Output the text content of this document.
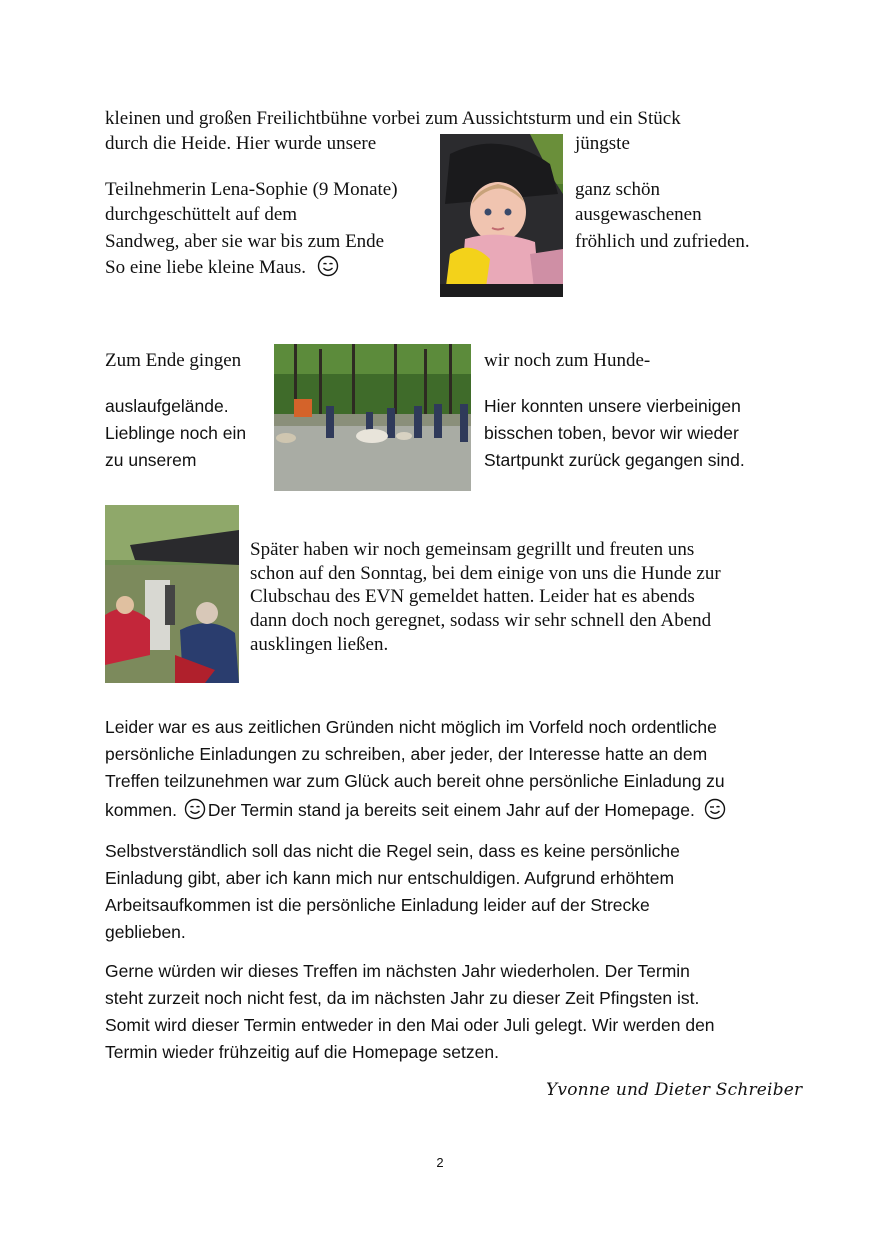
kleinen und großen Freilichtbühne vorbei zum Aussichtsturm und ein Stück
durch die Heide. Hier wurde unsere	jüngste
Teilnehmerin Lena-Sophie (9 Monate)	ganz schön
durchgeschüttelt auf dem	ausgewaschenen
Sandweg, aber sie war bis zum Ende	fröhlich und zufrieden.
So eine liebe kleine Maus.
Zum Ende gingen	wir noch zum Hunde-
auslaufgelände.	Hier konnten unsere vierbeinigen
Lieblinge noch ein	bisschen toben, bevor wir wieder
zu unserem	Startpunkt zurück gegangen sind.
Später haben wir noch gemeinsam gegrillt und freuten uns
schon auf den Sonntag, bei dem einige von uns die Hunde zur
Clubschau des EVN gemeldet hatten. Leider hat es abends
dann doch noch geregnet, sodass wir sehr schnell den Abend
ausklingen ließen.

Leider war es aus zeitlichen Gründen nicht möglich im Vorfeld noch ordentliche

persönliche Einladungen zu schreiben, aber jeder, der Interesse hatte an dem

Treffen teilzunehmen war zum Glück auch bereit ohne persönliche Einladung zu

kommen. Der Termin stand ja bereits seit einem Jahr auf der Homepage.

Selbstverständlich soll das nicht die Regel sein, dass es keine persönliche

Einladung gibt, aber ich kann mich nur entschuldigen. Aufgrund erhöhtem

Arbeitsaufkommen ist die persönliche Einladung leider auf der Strecke

geblieben.

Gerne würden wir dieses Treffen im nächsten Jahr wiederholen. Der Termin

steht zurzeit noch nicht fest, da im nächsten Jahr zu dieser Zeit Pfingsten ist.

Somit wird dieser Termin entweder in den Mai oder Juli gelegt. Wir werden den

Termin wieder frühzeitig auf die Homepage setzen.

Yvonne und Dieter Schreiber
2
